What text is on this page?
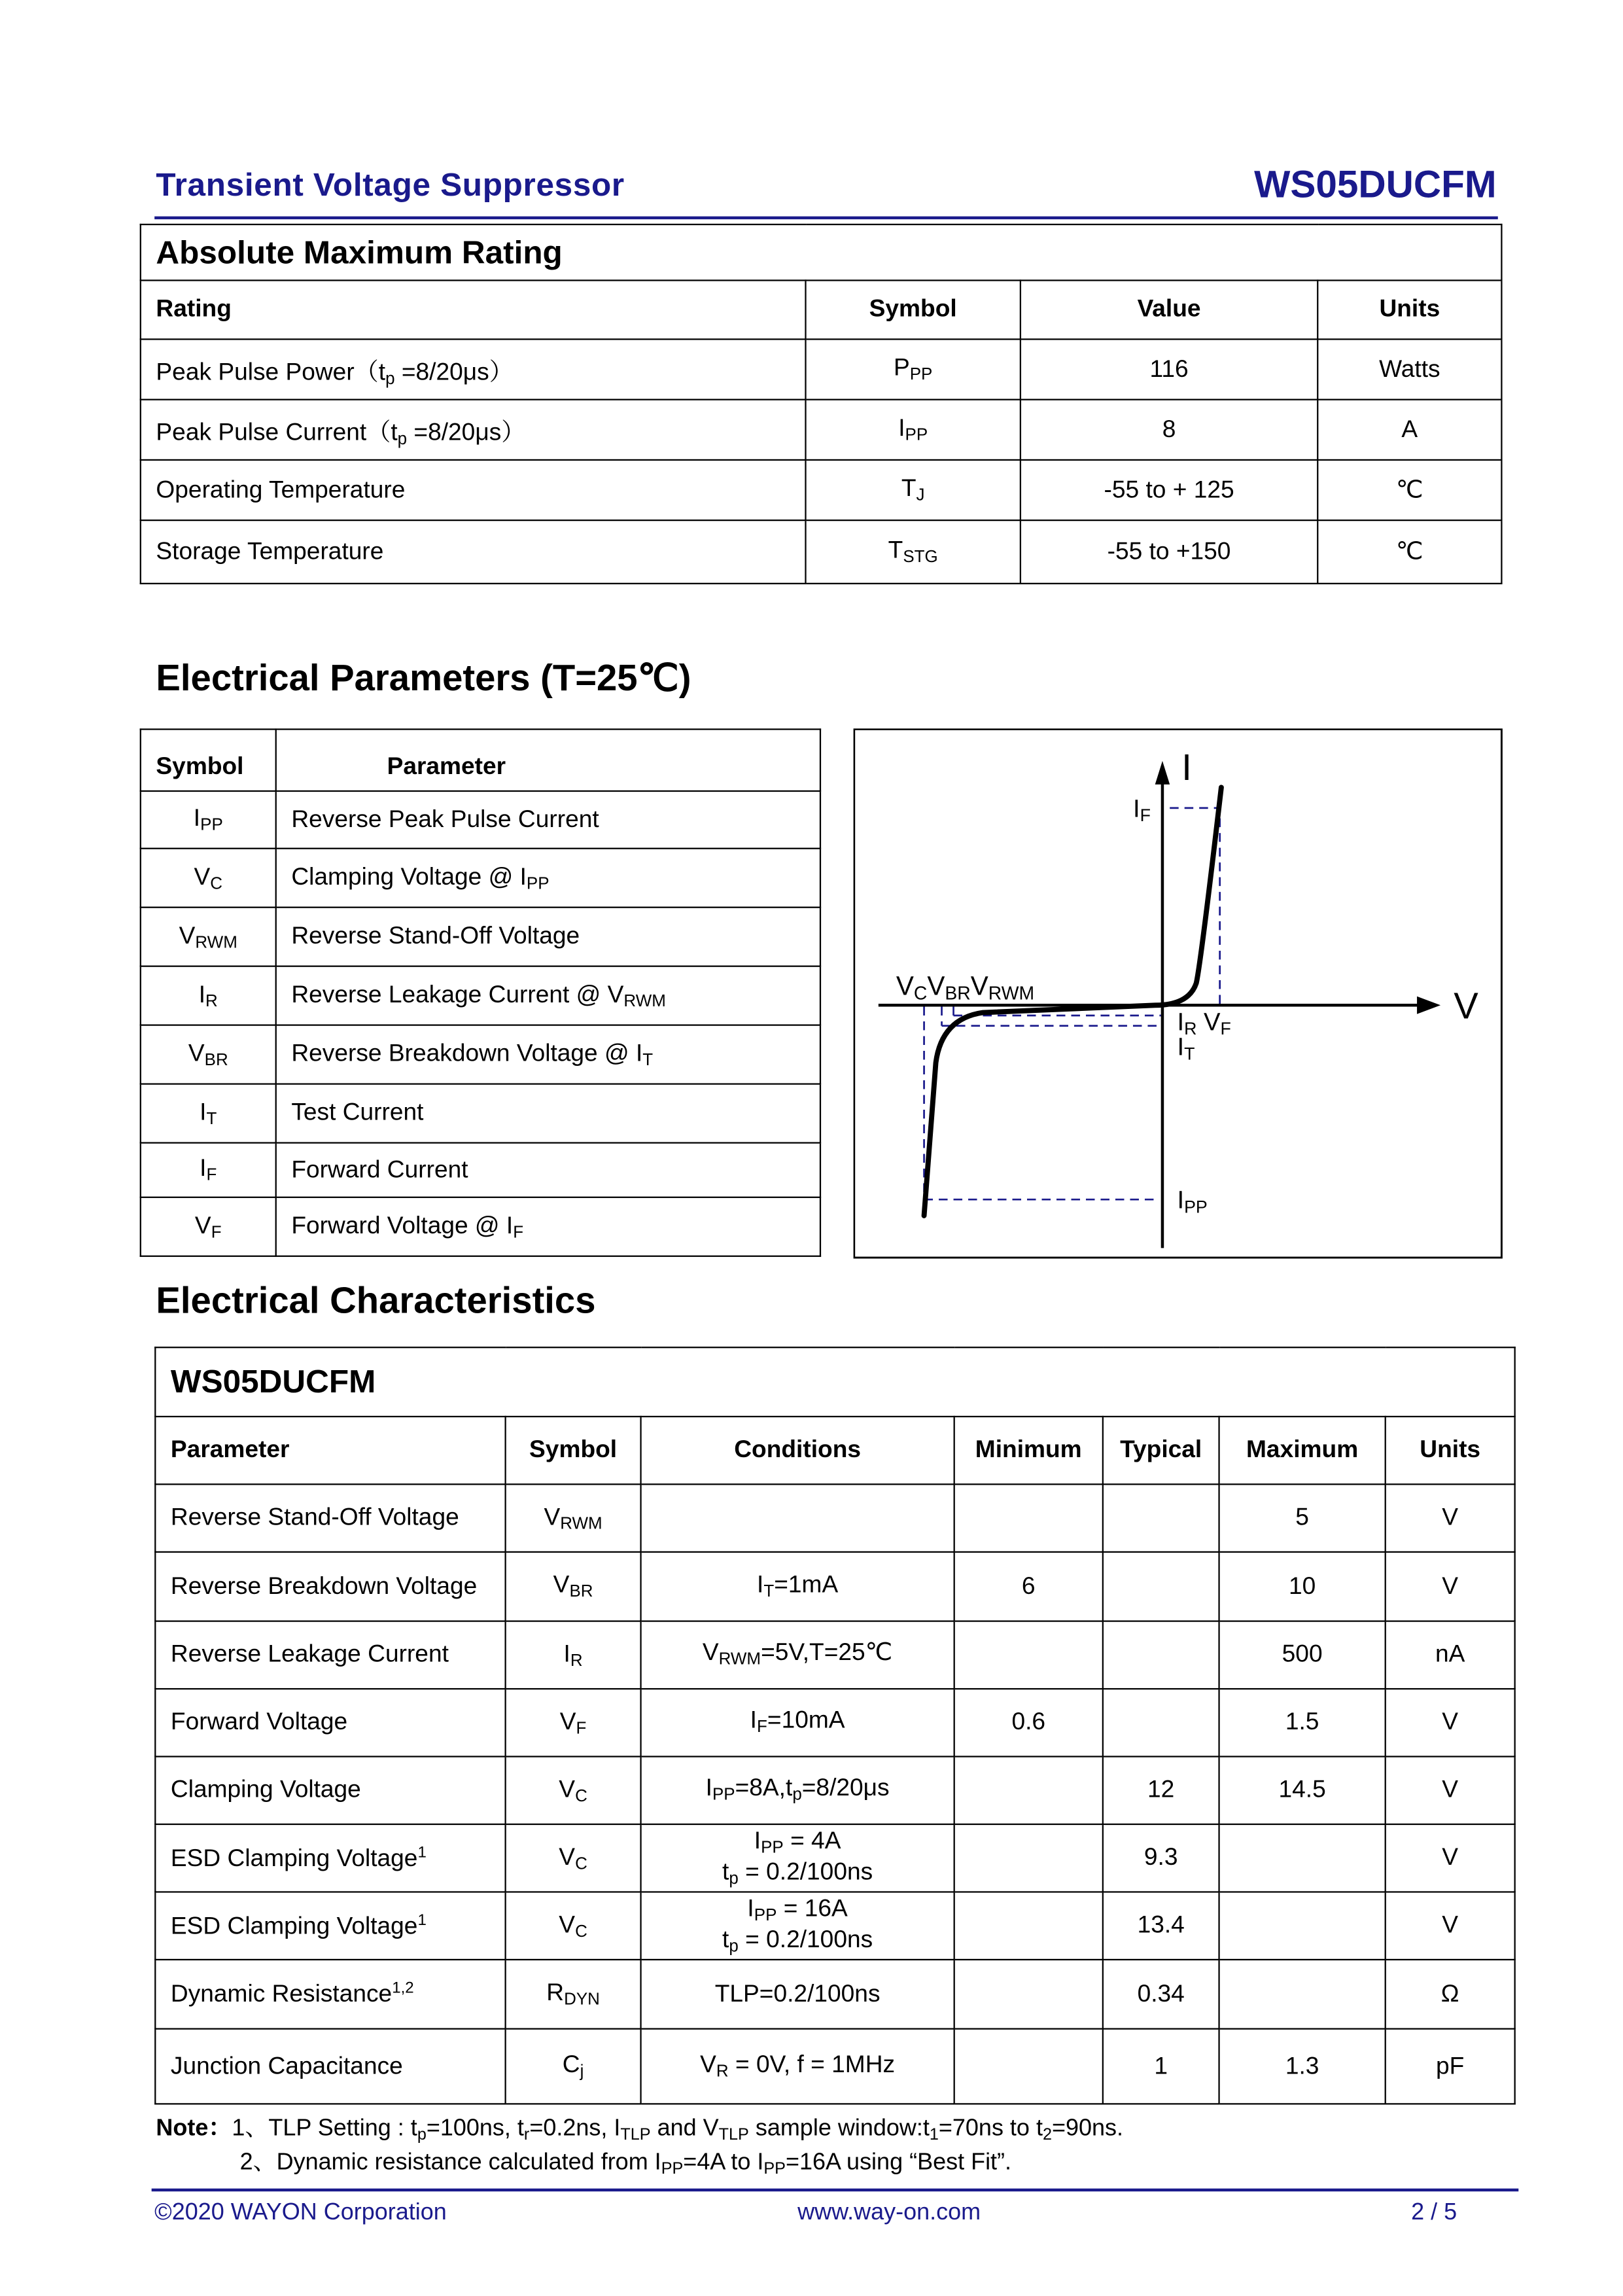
Transient Voltage Suppressor	WS05DUCFM
Absolute Maximum Rating			
Rating	Symbol	Value	Units
Peak Pulse $Power(t_p =8/20\mu s)$	$P_{PP}$	116	Watts
Peak Pulse $Current(t_p =8/20\mu s)$	$I_{PP}$	8	A
Operating Temperature	$T_J$	-55 to + 125	℃
Storage Temperature	$T_{STG}$	-55 to +150	℃
Electrical Parameters (T=25℃)
Symbol	Parameter
$I_{PP}$	Reverse Peak Pulse Current
$V_C$	Clamping Voltage @ $I_{PP}$
$V_{RWM}$	Reverse Stand-Off Voltage
$I_R$	Reverse Leakage Current @ $V_{RWM}$
$V_{BR}$	Reverse Breakdown Voltage @ $I_T$
$I_T$	Test Current
$I_F$	Forward Current
$V_F$	Forward Voltage @ $I_F$
I
V
$I_F$
$V_CV_{BR}V_{RWM}$
$I_R$ $V_F$
$I_T$
$I_{PP}$
Electrical Characteristics
WS05DUCFM						
Parameter	Symbol	Conditions	Minimum	Typical	Maximum	Units
Reverse Stand-Off Voltage	$V_{RWM}$				5	V
Reverse Breakdown Voltage	$V_{BR}$	$I_T=1mA$	6		10	V
Reverse Leakage Current	$I_R$	$V_{RWM}=5V,T=25℃$			500	nA
Forward Voltage	$V_F$	$I_F=10mA$	0.6		1.5	V
Clamping Voltage	$V_C$	$I_{PP}=8A,t_p=8/20\mu s$		12	14.5	V
ESD Clamping Voltage$^1$	$V_C$	$I_{PP} = 4A$
$t_p = 0.2/100ns$		9.3		V
ESD Clamping Voltage$^1$	$V_C$	$I_{PP} = 16A$
$t_p = 0.2/100ns$		13.4		V
Dynamic Resistance$^{1,2}$	$R_{DYN}$	TLP=0.2/100ns		0.34		Ω
Junction Capacitance	$C_j$	$V_R = 0V$, f = 1MHz		1	1.3	pF
Note：1、TLP Setting : $t_p=100ns$, $t_r=0.2ns$, $I_{TLP}$ and $V_{TLP}$ sample $window:t_1=70ns$ to $t_2=90ns$.
2、Dynamic resistance calculated from $I_{PP}=4A$ to $I_{PP}=16A$ using “Best Fit”.
©2020 WAYON Corporation	www.way-on.com	2 / 5
